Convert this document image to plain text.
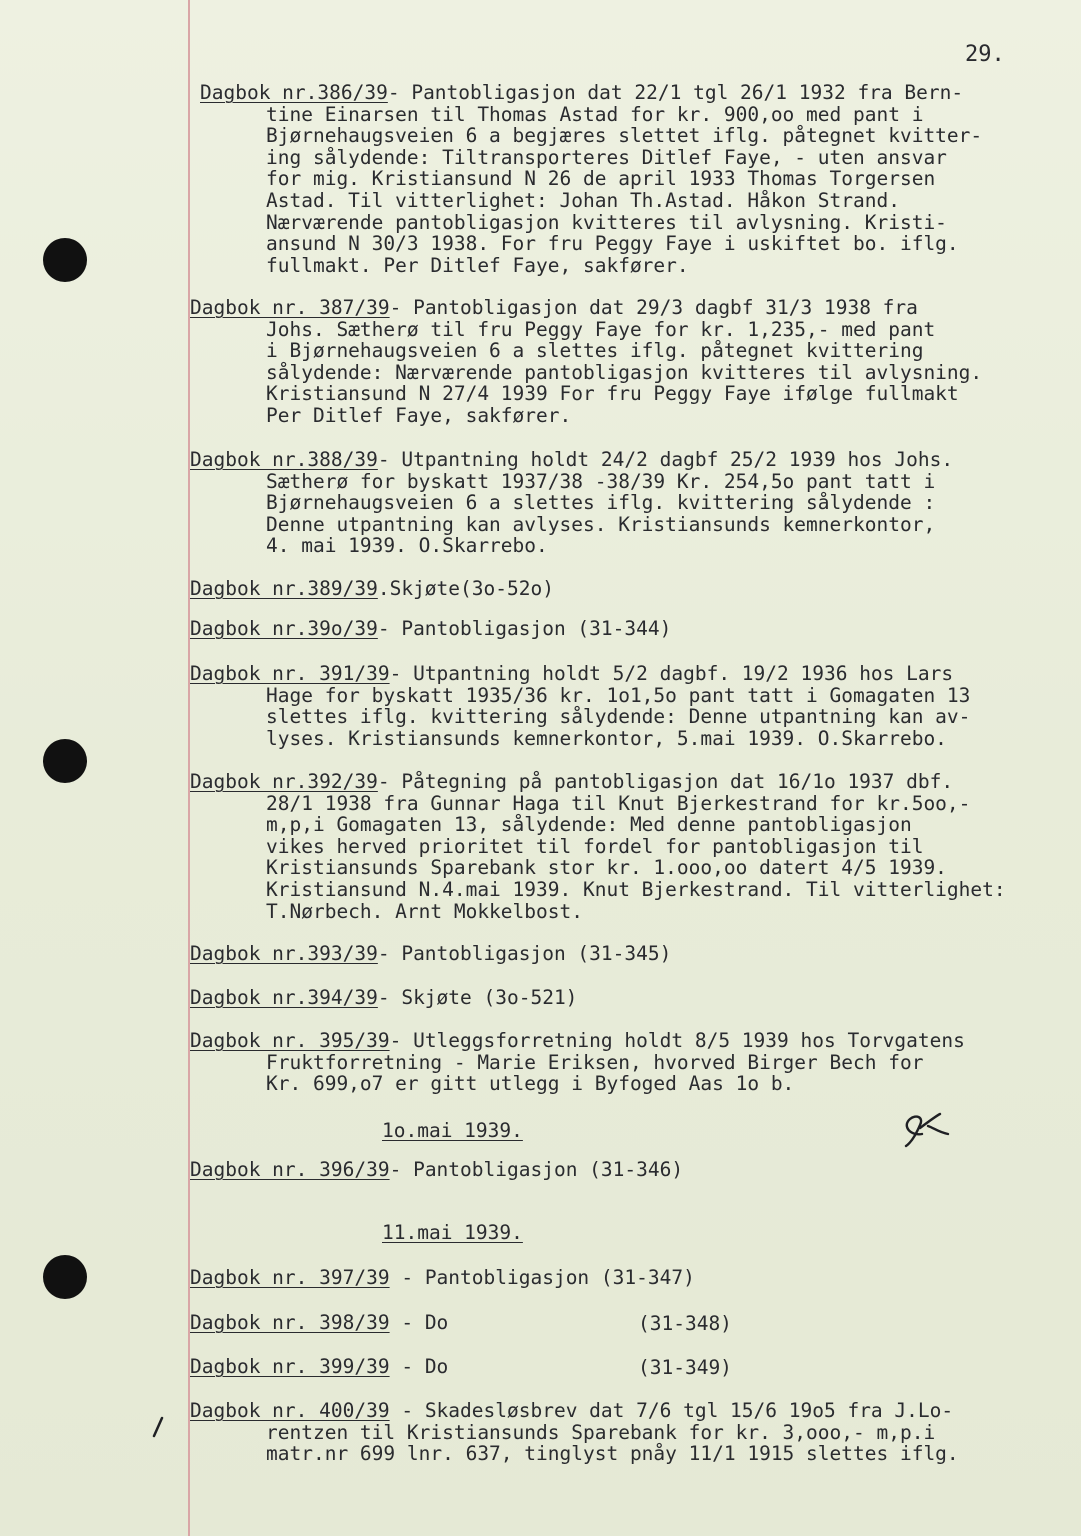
29.
Dagbok nr.386/39- Pantobligasjon dat 22/1 tgl 26/1 1932 fra Bern-
tine Einarsen til Thomas Astad for kr. 900,oo med pant i
Bjørnehaugsveien 6 a begjæres slettet iflg. påtegnet kvitter-
ing sålydende: Tiltransporteres Ditlef Faye, - uten ansvar
for mig. Kristiansund N 26 de april 1933 Thomas Torgersen
Astad. Til vitterlighet: Johan Th.Astad. Håkon Strand.
Nærværende pantobligasjon kvitteres til avlysning. Kristi-
ansund N 30/3 1938. For fru Peggy Faye i uskiftet bo. iflg.
fullmakt. Per Ditlef Faye, sakfører.
Dagbok nr. 387/39- Pantobligasjon dat 29/3 dagbf 31/3 1938 fra
Johs. Sætherø til fru Peggy Faye for kr. 1,235,- med pant
i Bjørnehaugsveien 6 a slettes iflg. påtegnet kvittering
sålydende: Nærværende pantobligasjon kvitteres til avlysning.
Kristiansund N 27/4 1939 For fru Peggy Faye ifølge fullmakt
Per Ditlef Faye, sakfører.
Dagbok nr.388/39- Utpantning holdt 24/2 dagbf 25/2 1939 hos Johs.
Sætherø for byskatt 1937/38 -38/39 Kr. 254,5o pant tatt i
Bjørnehaugsveien 6 a slettes iflg. kvittering sålydende :
Denne utpantning kan avlyses. Kristiansunds kemnerkontor,
4. mai 1939. O.Skarrebo.
Dagbok nr.389/39.Skjøte(3o-52o)
Dagbok nr.39o/39- Pantobligasjon (31-344)
Dagbok nr. 391/39- Utpantning holdt 5/2 dagbf. 19/2 1936 hos Lars
Hage for byskatt 1935/36 kr. 1o1,5o pant tatt i Gomagaten 13
slettes iflg. kvittering sålydende: Denne utpantning kan av-
lyses. Kristiansunds kemnerkontor, 5.mai 1939. O.Skarrebo.
Dagbok nr.392/39- Påtegning på pantobligasjon dat 16/1o 1937 dbf.
28/1 1938 fra Gunnar Haga til Knut Bjerkestrand for kr.5oo,-
m,p,i Gomagaten 13, sålydende: Med denne pantobligasjon
vikes herved prioritet til fordel for pantobligasjon til
Kristiansunds Sparebank stor kr. 1.ooo,oo datert 4/5 1939.
Kristiansund N.4.mai 1939. Knut Bjerkestrand. Til vitterlighet:
T.Nørbech. Arnt Mokkelbost.
Dagbok nr.393/39- Pantobligasjon (31-345)
Dagbok nr.394/39- Skjøte (3o-521)
Dagbok nr. 395/39- Utleggsforretning holdt 8/5 1939 hos Torvgatens
Fruktforretning - Marie Eriksen, hvorved Birger Bech for
Kr. 699,o7 er gitt utlegg i Byfoged Aas 1o b.
1o.mai 1939.
Dagbok nr. 396/39- Pantobligasjon (31-346)
11.mai 1939.
Dagbok nr. 397/39 - Pantobligasjon (31-347)
Dagbok nr. 398/39 - Do	(31-348)
Dagbok nr. 399/39 - Do	(31-349)
Dagbok nr. 400/39 - Skadesløsbrev dat 7/6 tgl 15/6 19o5 fra J.Lo-
rentzen til Kristiansunds Sparebank for kr. 3,ooo,- m,p.i
matr.nr 699 lnr. 637, tinglyst pnåy 11/1 1915 slettes iflg.
